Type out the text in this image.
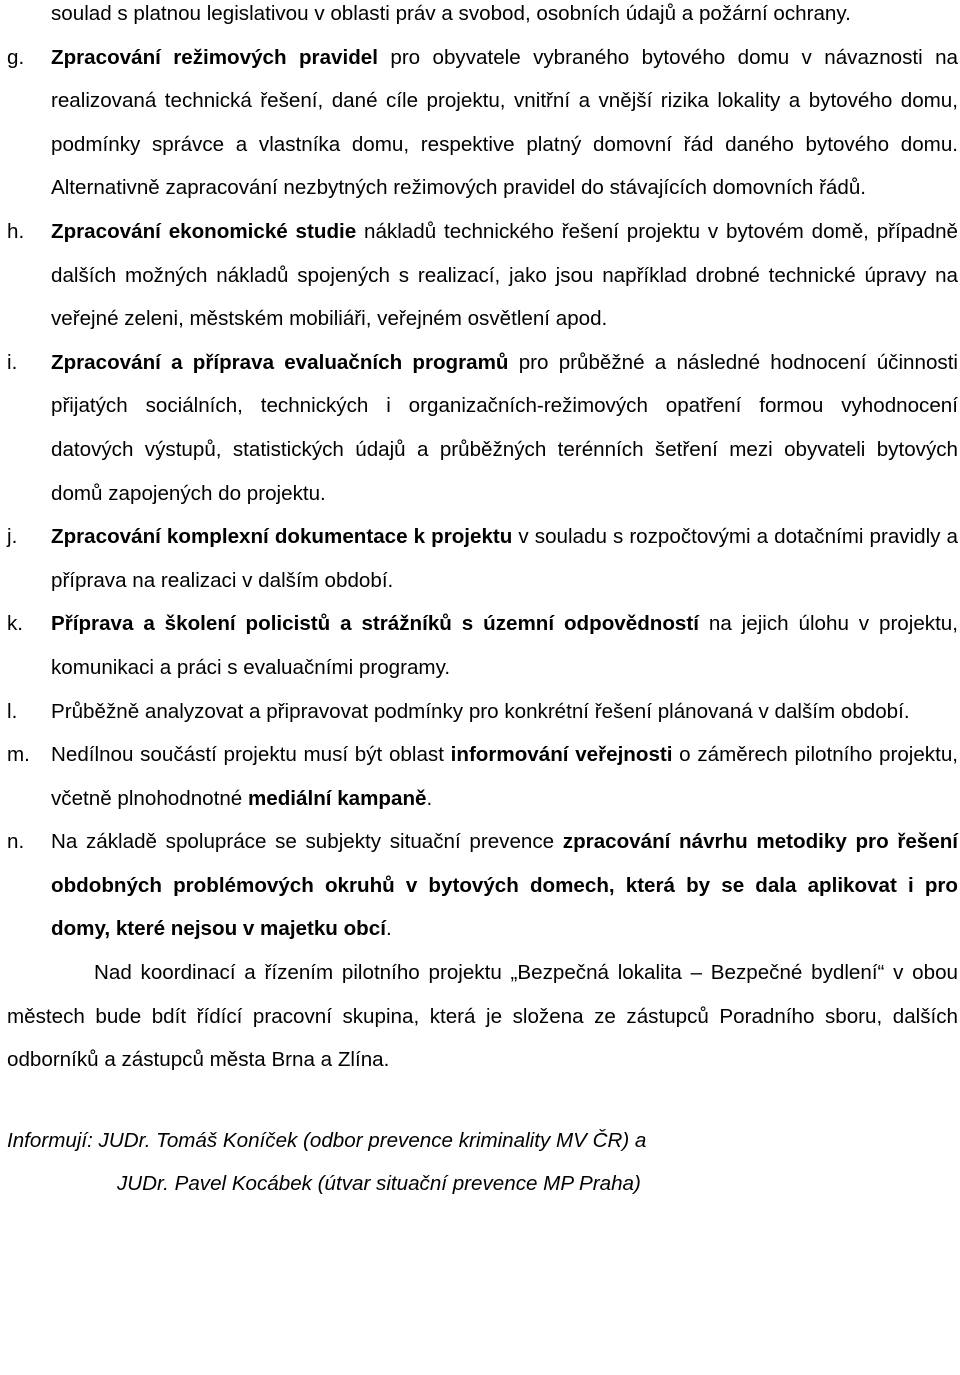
soulad s platnou legislativou v oblasti práv a svobod, osobních údajů a požární ochrany.
g. Zpracování režimových pravidel pro obyvatele vybraného bytového domu v návaznosti na realizovaná technická řešení, dané cíle projektu, vnitřní a vnější rizika lokality a bytového domu, podmínky správce a vlastníka domu, respektive platný domovní řád daného bytového domu. Alternativně zapracování nezbytných režimových pravidel do stávajících domovních řádů.
h. Zpracování ekonomické studie nákladů technického řešení projektu v bytovém domě, případně dalších možných nákladů spojených s realizací, jako jsou například drobné technické úpravy na veřejné zeleni, městském mobiliáři, veřejném osvětlení apod.
i. Zpracování a příprava evaluačních programů pro průběžné a následné hodnocení účinnosti přijatých sociálních, technických i organizačních-režimových opatření formou vyhodnocení datových výstupů, statistických údajů a průběžných terénních šetření mezi obyvateli bytových domů zapojených do projektu.
j. Zpracování komplexní dokumentace k projektu v souladu s rozpočtovými a dotačními pravidly a příprava na realizaci v dalším období.
k. Příprava a školení policistů a strážníků s územní odpovědností na jejich úlohu v projektu, komunikaci a práci s evaluačními programy.
l. Průběžně analyzovat a připravovat podmínky pro konkrétní řešení plánovaná v dalším období.
m. Nedílnou součástí projektu musí být oblast informování veřejnosti o záměrech pilotního projektu, včetně plnohodnotné mediální kampaně.
n. Na základě spolupráce se subjekty situační prevence zpracování návrhu metodiky pro řešení obdobných problémových okruhů v bytových domech, která by se dala aplikovat i pro domy, které nejsou v majetku obcí.
Nad koordinací a řízením pilotního projektu „Bezpečná lokalita – Bezpečné bydlení“ v obou městech bude bdít řídící pracovní skupina, která je složena ze zástupců Poradního sboru, dalších odborníků a zástupců města Brna a Zlína.
Informují: JUDr. Tomáš Koníček (odbor prevence kriminality MV ČR) a
JUDr. Pavel Kocábek (útvar situační prevence MP Praha)
